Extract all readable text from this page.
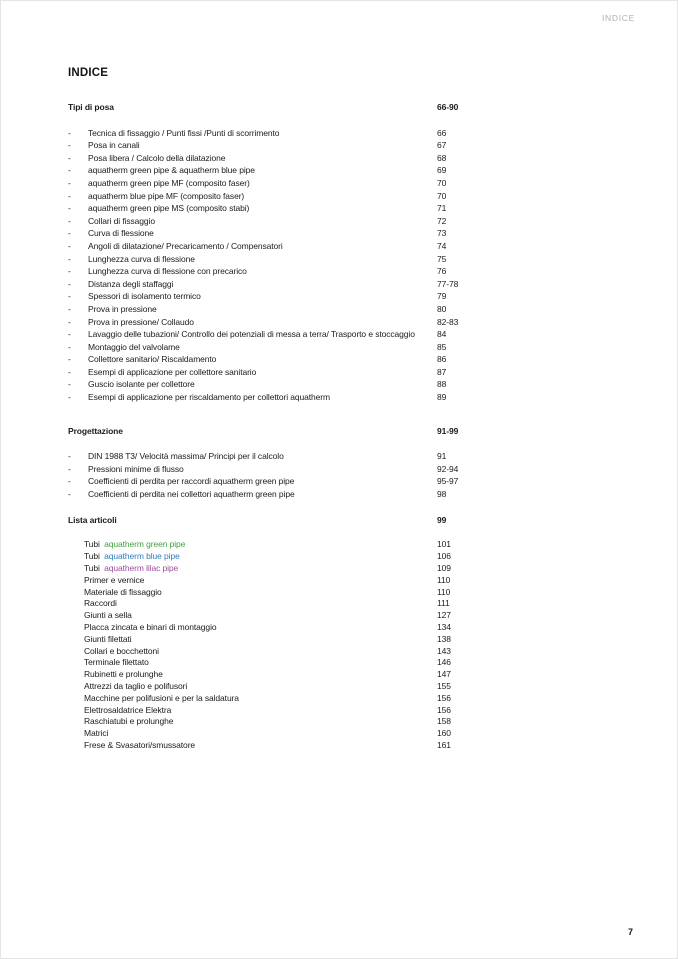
INDICE
INDICE
Tipi di posa	66-90
-	Tecnica di fissaggio / Punti fissi /Punti di scorrimento	66
-	Posa in canali	67
-	Posa libera / Calcolo della dilatazione	68
-	aquatherm green pipe & aquatherm blue pipe	69
-	aquatherm green pipe MF (composito faser)	70
-	aquatherm blue pipe MF (composito faser)	70
-	aquatherm green pipe MS (composito stabi)	71
-	Collari di fissaggio	72
-	Curva di flessione	73
-	Angoli di dilatazione/ Precaricamento / Compensatori	74
-	Lunghezza curva di flessione	75
-	Lunghezza curva di flessione con precarico	76
-	Distanza degli staffaggi	77-78
-	Spessori di isolamento termico	79
-	Prova in pressione	80
-	Prova in pressione/ Collaudo	82-83
-	Lavaggio delle tubazioni/ Controllo dei potenziali di messa a terra/ Trasporto e stoccaggio	84
-	Montaggio del valvolame	85
-	Collettore sanitario/ Riscaldamento	86
-	Esempi di applicazione per collettore sanitario	87
-	Guscio isolante per collettore	88
-	Esempi di applicazione per riscaldamento per collettori aquatherm	89
Progettazione	91-99
-	DIN 1988 T3/ Velocità massima/ Principi per il calcolo	91
-	Pressioni minime di flusso	92-94
-	Coefficienti di perdita per raccordi aquatherm green pipe	95-97
-	Coefficienti di perdita nei collettori aquatherm green pipe	98
Lista articoli	99
Tubi aquatherm green pipe	101
Tubi aquatherm blue pipe	106
Tubi aquatherm lilac pipe	109
Primer e vernice	110
Materiale di fissaggio	110
Raccordi	111
Giunti a sella	127
Placca zincata e binari di montaggio	134
Giunti filettati	138
Collari e bocchettoni	143
Terminale filettato	146
Rubinetti e prolunghe	147
Attrezzi da taglio e polifusori	155
Macchine per polifusioni e per la saldatura	156
Elettrosaldatrice Elektra	156
Raschiatubi e prolunghe	158
Matrici	160
Frese & Svasatori/smussatore	161
7
